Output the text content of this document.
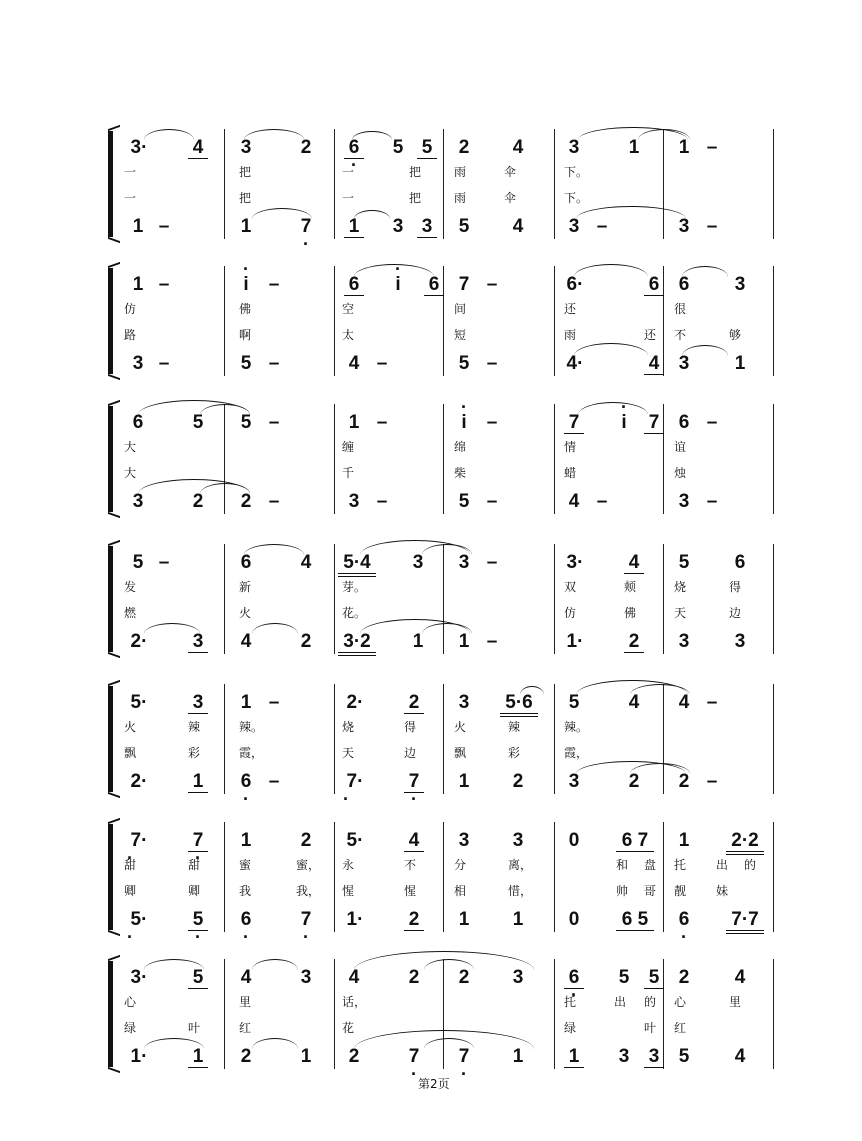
3·	4 3	2 6 · 5 5 2 4 3	1 1 –
1 –	1	7 · 1 3 3 5 4 3 –	3 –
一	把	一	把	雨	伞	下。
一	把	一	把	雨	伞	下。
1 –	· i	–	6	· i	6 7 –	6·	6 6 3
3 –	5 –	4 –	5 –	4·	4 3 1
仿	佛	空	间	还	很
路	啊	太	短	雨	还 不	够
6	5 5 –	1 –	· i	–	7	· i	7 6 –
3	2 2 –	3 –	5 –	4 –	3 –
大	缠	绵	情	谊
大	千	柴	蜡	烛
5 –	6	4 5·4 3 3 –	3·	4 5 6
2·	3 4	2 3·2 1 1 –	1·	2 3 3
发	新	芽。	双	颊	烧	得
燃	火	花。	仿	佛	天	边
5·	3 1 –	2·	2 3 5·6 5	4 4 –
2·	1 6 · –	7· ·	7 · 1 2 3	2 2 –
火	辣	辣。	烧	得	火	辣	辣。
飘	彩	霞，	天	边	飘	彩	霞，
7· ·	7 · 1	2	5·	4 3 3 0	6 7	1 2·2
5· ·	5 · 6 ·	7 ·	1·	2 1 1 0	6 5	6 · 7·7
甜	甜	蜜	蜜， 永	不	分	离，	和 盘 托 出 的
卿	卿	我	我， 惺	惺	相	惜，	帅 哥 靓 妹
3·	5 4	3 4	2 2 3 6 · 5 5 2 4
1·	1 2	1 2	7 · 7 · 1 1 3 3 5 4
心	里	话，	托	出 的 心	里
绿	叶	红	花	绿	叶 红
第2页
